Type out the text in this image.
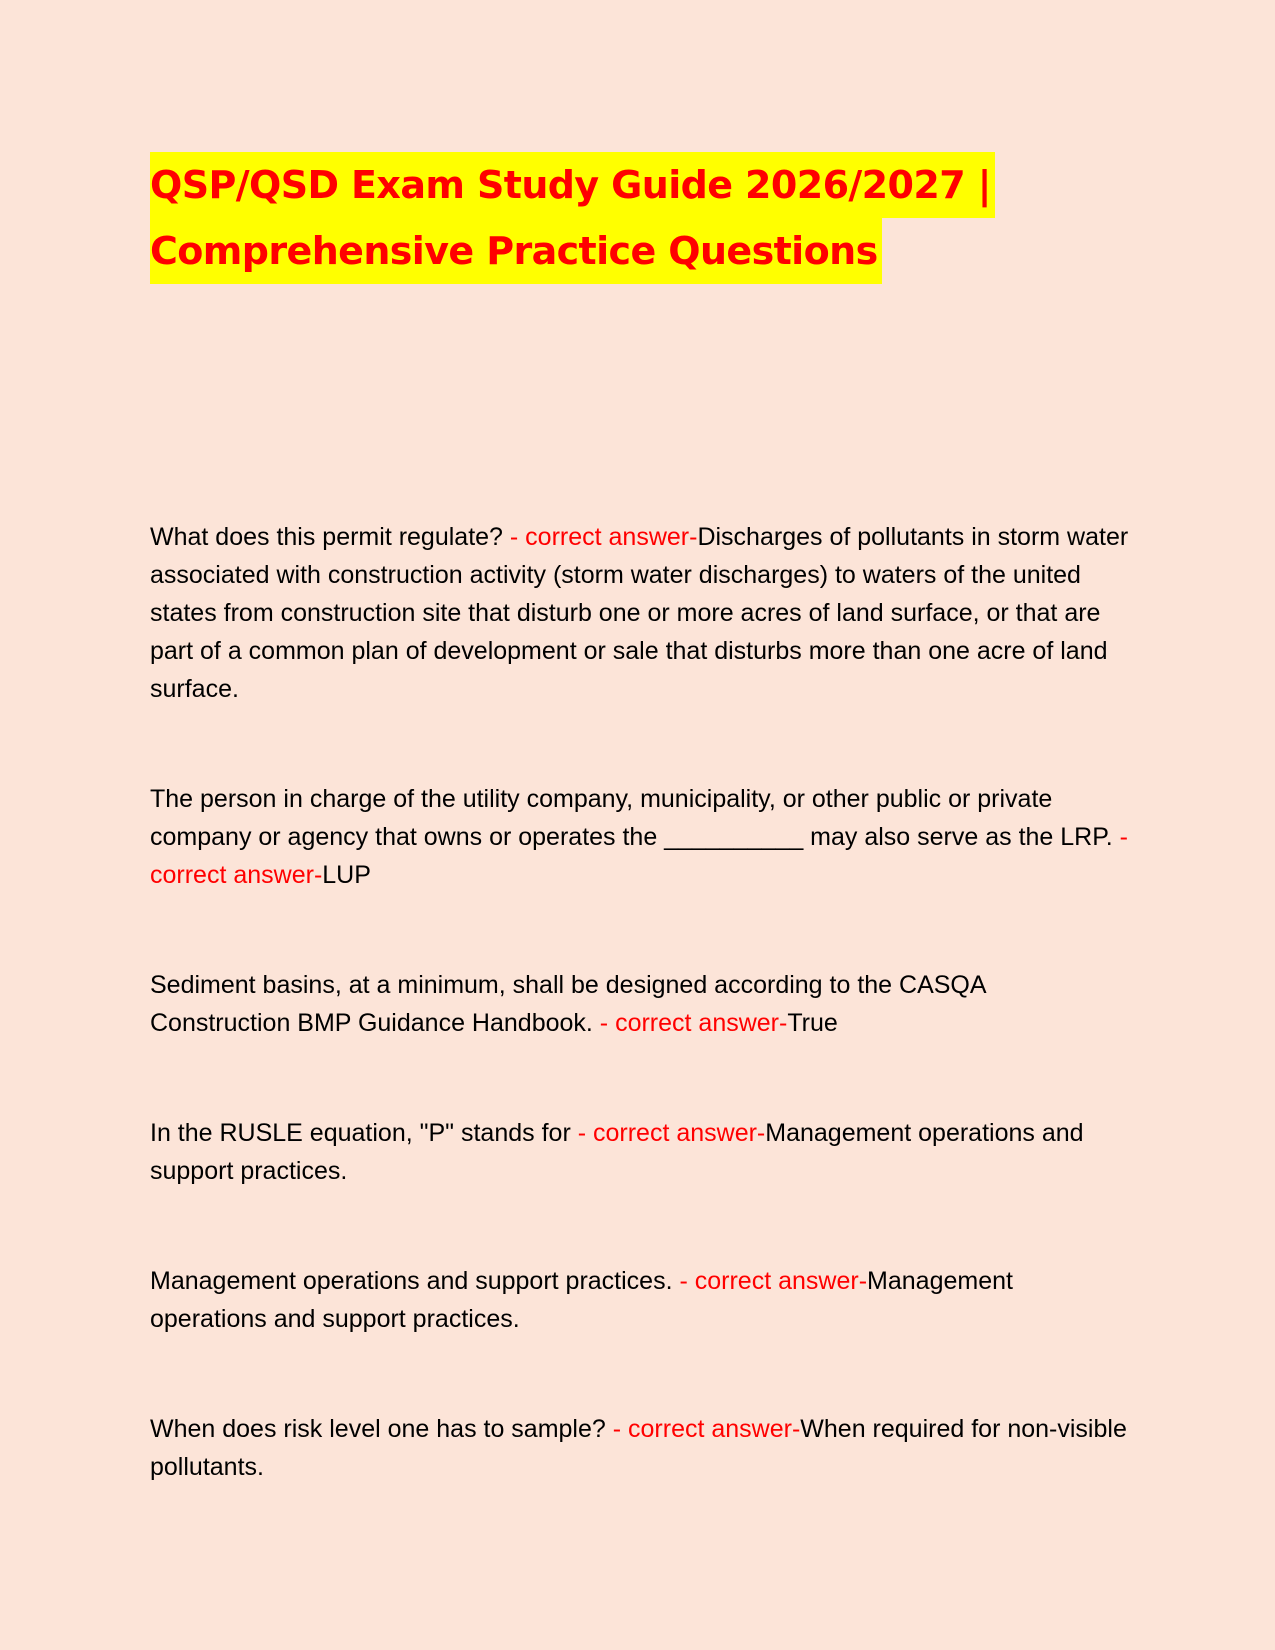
QSP/QSD Exam Study Guide 2026/2027 |
Comprehensive Practice Questions

What does this permit regulate? - correct answer-Discharges of pollutants in storm water associated with construction activity (storm water discharges) to waters of the united states from construction site that disturb one or more acres of land surface, or that are part of a common plan of development or sale that disturbs more than one acre of land surface.

The person in charge of the utility company, municipality, or other public or private company or agency that owns or operates the __________ may also serve as the LRP. - correct answer-LUP

Sediment basins, at a minimum, shall be designed according to the CASQA Construction BMP Guidance Handbook. - correct answer-True

In the RUSLE equation, "P" stands for - correct answer-Management operations and support practices.

Management operations and support practices. - correct answer-Management operations and support practices.

When does risk level one has to sample? - correct answer-When required for non-visible pollutants.
